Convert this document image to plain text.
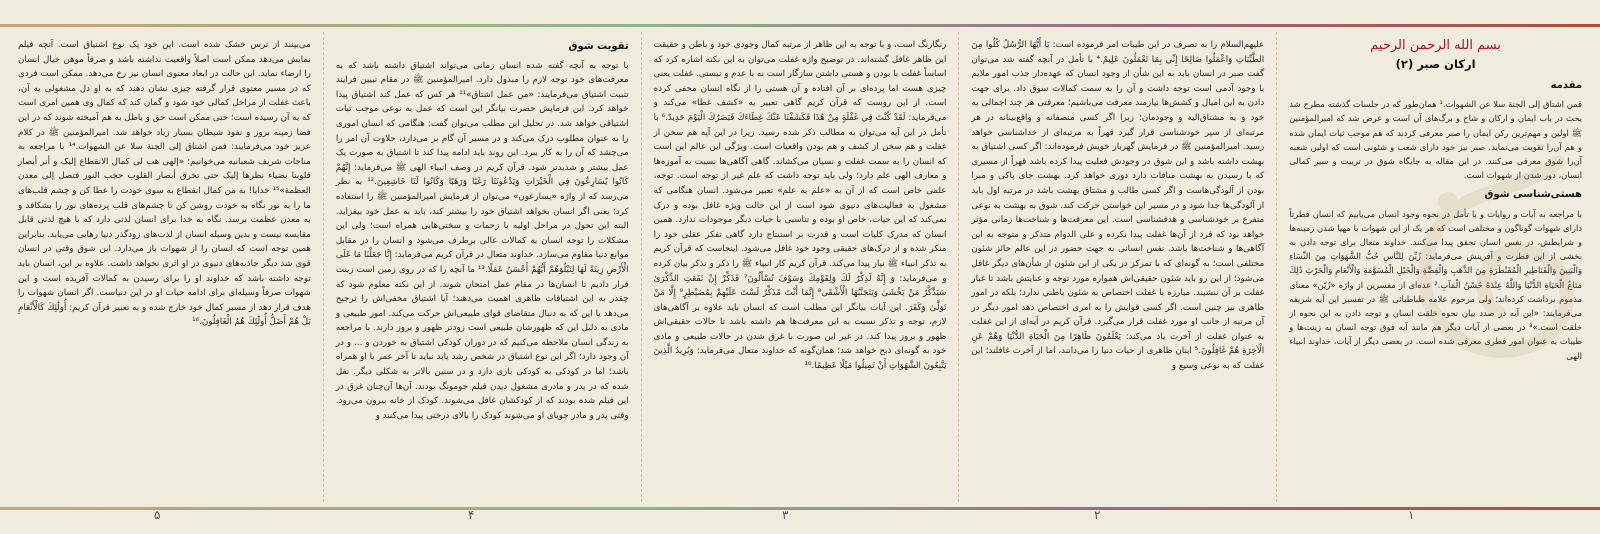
بسم الله الرحمن الرحیم
ارکان صبر (۲)
مقدمه

قمن اشتاق إلی الجنة سلا عن الشهوات.¹ همان‌طور که در جلسات گذشته مطرح شد بحث در باب ایمان و ارکان و شاخ و برگ‌های آن است و عرض شد که امیرالمؤمنین ﷺ اولین و مهم‌ترین رکن ایمان را صبر معرفی کردند که هم موجب ثبات ایمان شده و هم آن‌را تقویت می‌نماید. صبر نیز خود دارای شعب و شئونی است که اولین شعبه آن‌را شوق معرفی می‌کنند. در این مقاله به جایگاه شوق در تربیت و سیر کمالی انسان، دور شدن از شهوات است.

هستی‌شناسی شوق

با مراجعه به آیات و روایات و با تأمل در نحوه وجود انسان می‌یابیم که انسان فطرتاً دارای شهوات گوناگون و مختلفی است که هر یک از این شهوات با مهیا شدن زمینه‌ها و شرایطش، در نفس انسان تحقق پیدا می‌کنند. خداوند متعال برای توجه دادن به بخشی از این فطرت و آفرینش می‌فرماید: زُيِّنَ لِلنَّاسِ حُبُّ الشَّهَوَاتِ مِنَ النِّسَاءِ وَالْبَنِينَ وَالْقَنَاطِيرِ الْمُقَنْطَرَةِ مِنَ الذَّهَبِ وَالْفِضَّةِ وَالْخَيْلِ الْمُسَوَّمَةِ وَالْأَنْعَامِ وَالْحَرْثِ ذَٰلِكَ مَتَاعُ الْحَيَاةِ الدُّنْيَا وَاللَّهُ عِنْدَهُ حُسْنُ الْمَآبِ.² عده‌ای از مفسرین از واژه «زُیّن» معنای مذموم برداشت کرده‌اند؛ ولی مرحوم علامه طباطبائی ﷺ در تفسیر این آیه شریفه می‌فرمایند: «این آیه در صدد بیان نحوه خلقت انسان و توجه دادن به این نحوه از خلقت است.»³ در بعضی از آیات دیگر هم مانند آیه فوق توجه انسان به زینت‌ها و طیبات به عنوان امور فطری معرفی شده است. در بعضی دیگر از آیات، خداوند انبیاء الهی

علیهم‌السلام را به تصرف در این طیبات امر فرموده است: يَا أَيُّهَا الرُّسُلُ كُلُوا مِنَ الطَّيِّبَاتِ وَاعْمَلُوا صَالِحًا إِنِّي بِمَا تَعْمَلُونَ عَلِيمٌ.⁴ با تأمل در آنچه گفته شد می‌توان گفت صبر در انسان باید به این شأن از وجود انسان که عهده‌دار جذب امور ملایم با وجود آدمی است توجه داشت و آن را به سمت کمالات سوق داد. برای جهت دادن به این امیال و کشش‌ها نیازمند معرفت می‌باشیم؛ معرفتی هر چند اجمالی به خود و به مشتاق‌الیه و وجودمان؛ زیرا اگر کسی منصفانه و واقع‌بینانه در هر مرتبه‌ای از سیر خودشناسی قرار گیرد قهراً به مرتبه‌ای از خداشناسی خواهد رسید. امیرالمؤمنین ﷺ در فرمایش گهربار خویش فرموده‌اند: اگر کسی اشتیاق به بهشت داشته باشد و این شوق در وجودش فعلیت پیدا کرده باشد قهراً از مسیری که با رسیدن به بهشت منافات دارد دوری خواهد کرد. بهشت جای پاکی و مبرا بودن از آلودگی‌هاست و اگر کسی طالب و مشتاق بهشت باشد در مرتبه اول باید از آلودگی‌ها جدا شود و در مسیر این خواستن حرکت کند. شوق به بهشت به نوعی متفرع بر خودشناسی و هدفشناسی است. این معرفت‌ها و شناخت‌ها زمانی مؤثر خواهد بود که فرد از آن‌ها غفلت پیدا نکرده و علی الدوام متذکر و متوجه به این آگاهی‌ها و شناخت‌ها باشد. نفس انسانی به جهت حضور در این عالم حائز شئون مختلفی است؛ به گونه‌ای که با تمرکز در یکی از این شئون از شأن‌های دیگر غافل می‌شود؛ از این رو باید شئون حقیقی‌اش همواره مورد توجه و عنایتش باشد تا غبار غفلت بر آن ننشیند. مبارزه با غفلت اختصاص به شئون باطنی ندارد؛ بلکه در امور ظاهری نیز چنین است. اگر کسی قوایش را به امری اختصاص دهد امور دیگر در آن مرتبه از جانب او مورد غفلت قرار می‌گیرد. قرآن کریم در آیه‌ای از این غفلت به عنوان غفلت از آخرت یاد می‌کند: يَعْلَمُونَ ظَاهِرًا مِنَ الْحَيَاةِ الدُّنْيَا وَهُمْ عَنِ الْآخِرَةِ هُمْ غَافِلُونَ.⁵ اینان ظاهری از حیات دنیا را می‌دانند، اما از آخرت غافلند؛ این غفلت که به نوعی وسیع و

رنگارنگ است، و با توجه به این ظاهر از مرتبه کمال وجودی خود و باطن و حقیقت این ظاهر غافل گشته‌اند. در توضیح واژه غفلت می‌توان به این نکته اشاره کرد که اساساً غفلت با بودن و هستی داشتن سازگار است نه با عدم و نیستی. غفلت یعنی چیزی هست اما پرده‌ای بر آن افتاده و آن هستی را از نگاه انسان مخفی کرده است. از این روست که قرآن کریم گاهی تعبیر به «کشف غطا» می‌کند و می‌فرماید: لَقَدْ كُنْتَ فِي غَفْلَةٍ مِنْ هَٰذَا فَكَشَفْنَا عَنْكَ غِطَاءَكَ فَبَصَرُكَ الْيَوْمَ حَدِيدٌ.⁶ با تأمل در این آیه می‌توان به مطالب ذکر شده رسید. زیرا در این آیه هم سخن از غفلت و هم سخن از کشف و هم بودن واقعیات است. ویژگی این عالم این است که انسان را به سمت غفلت و نسیان می‌کشاند. گاهی آگاهی‌ها نسبت به آموزه‌ها و معارف الهی علم دارد؛ ولی باید توجه داشت که علم غیر از توجه است. توجه، علمی خاص است که از آن به «علم به علم» تعبیر می‌شود. انسان هنگامی که مشغول به فعالیت‌های دنیوی شود است از این حالت ویژه غافل بوده و درک نمی‌کند که این حیات، خاص او بوده و تناسبی با حیات دیگر موجودات ندارد. همین انسان که مدرک کلیات است و قدرت بر استنتاج دارد گاهی تفکر عقلی خود را منکر شده و از درک‌های حقیقی وجود خود غافل می‌شود. اینجاست که قرآن کریم به تذکر انبیاء ﷺ نیاز پیدا می‌کند. قرآن کریم کار انبیاء ﷺ را ذکر و تذکر بیان کرده و می‌فرماید: وَ إِنَّهُ لَذِكْرٌ لَكَ وَلِقَوْمِكَ وَسَوْفَ تُسْأَلُونَ⁷ فَذَكِّرْ إِنْ نَفَعَتِ الذِّكْرَىٰ سَيَذَّكَّرُ مَنْ يَخْشَىٰ وَيَتَجَنَّبُهَا الْأَشْقَى⁸ إِنَّمَا أَنْتَ مُذَكِّرٌ لَسْتَ عَلَيْهِمْ بِمُصَيْطِرٍ⁹ إِلَّا مَنْ تَوَلَّىٰ وَكَفَرَ. این آیات بیانگر این مطلب است که انسان باید علاوه بر آگاهی‌های لازم، توجه و تذکر نسبت به این معرفت‌ها هم داشته باشد تا حالات حقیقی‌اش ظهور و بروز پیدا کند. در غیر این صورت با غرق شدن در حالات طبیعی و مادی خود به گونه‌ای ذبح خواهد شد؛ همان‌گونه که خداوند متعال می‌فرماید: وَيُرِيدُ الَّذِينَ يَتَّبِعُونَ الشَّهَوَاتِ أَنْ تَمِيلُوا مَيْلًا عَظِيمًا.¹⁰

تقویت شوق

با توجه به آنچه گفته شده انسان زمانی می‌تواند اشتیاق داشته باشد که به معرفت‌های خود توجه لازم را مبذول دارد. امیرالمؤمنین ﷺ در مقام تبیین فرایند تثبیت اشتیاق می‌فرمایند: «من عمل اشتاق»¹¹ هر کس که عمل کند اشتیاق پیدا خواهد کرد. این فرمایش حضرت بیانگر این است که عمل به نوعی موجب ثبات اشتیاقی خواهد شد. در تحلیل این مطلب می‌توان گفت: هنگامی که انسان اموری را به عنوان مطلوب درک می‌کند و در مسیر آن گام بر می‌دارد، حلاوت آن امر را می‌چشد که آن را به کار ببرد. این روند باید ادامه پیدا کند تا اشتیاق به صورت یک عمل بیشتر و شدیدتر شود. قرآن کریم در وصف انبیاء الهی ﷺ می‌فرماید: إِنَّهُمْ كَانُوا يُسَارِعُونَ فِي الْخَيْرَاتِ وَيَدْعُونَنَا رَغَبًا وَرَهَبًا وَكَانُوا لَنَا خَاشِعِينَ.¹² به نظر می‌رسد که از واژه «یسارعون» می‌توان از فرمایش امیرالمؤمنین ﷺ را استفاده کرد؛ یعنی اگر انسان بخواهد اشتیاق خود را بیشتر کند، باید به عمل خود بیفزاید. البته این تحول در مراحل اولیه با زحمات و سختی‌هایی همراه است؛ ولی این مشکلات را توجه انسان به کمالات عالی برطرف می‌شود و انسان را در مقابل موانع دنیا مقاوم می‌سازد. خداوند متعال در قرآن کریم می‌فرماید: إِنَّا جَعَلْنَا مَا عَلَى الْأَرْضِ زِينَةً لَهَا لِنَبْلُوَهُمْ أَيُّهُمْ أَحْسَنُ عَمَلًا.¹³ ما آنچه را که در روی زمین است زینت قرار دادیم تا انسان‌ها در مقام عمل امتحان شوند. از این نکته معلوم شود که چقدر به این اشتیاقات ظاهری اهمیت می‌دهند؛ آیا اشتیاق مخفی‌اش را ترجیح می‌دهد یا این که به دنبال متقاضای قوای طبیعی‌اش حرکت می‌کند. امور طبیعی و مادی به دلیل این که ظهورشان طبیعی است زودتر ظهور و بروز دارند. با مراجعه به زندگی انسان ملاحظه می‌کنیم که در دوران کودکی اشتیاق به خوردن و ... و در آن وجود دارد؛ اگر این نوع اشتیاق در شخص رشد یابد نباید تا آخر عمر با او همراه باشد؛ اما در کودکی به کودکی بازی دارد و در سنین بالاتر به شکلی دیگر. نقل شده که در پدر و مادری مشغول دیدن فیلم جومونگ بودند. آن‌ها آن‌چنان غرق در این فیلم شده بودند که از کودکشان غافل می‌شوند. کودک از خانه بیرون می‌رود. وقتی پدر و مادر جویای او می‌شوند کودک را بالای درختی پیدا می‌کنند و

می‌بینند از ترس خشک شده است. این خود یک نوع اشتیاق است. آنچه فیلم نمایش می‌دهد ممکن است اصلاً واقعیت نداشته باشد و صرفاً موهن خیال انسان را ارضاء نماید. این حالت در ابعاد معنوی انسان نیز رخ می‌دهد. ممکن است فردی که در مسیر معنوی قرار گرفته چیزی نشان دهند که به او دل مشغولی به آن، باعث غفلت از مراحل کمالی خود شود و گمان کند که کمال وی همین امری است که به آن رسیده است؛ حتی ممکن است حق و باطل به هم آمیخته شوند که در این فضا زمینه بروز و نفوذ شیطان بسیار زیاد خواهد شد. امیرالمؤمنین ﷺ در کلام عزیز خود می‌فرمایند: فمن اشتاق إلی الجنة سلا عن الشهوات.¹⁴ با مراجعه به مناجات شریف شعبانیه می‌خوانیم: «إلهی هب لی کمال الانقطاع إلیک و أنر أبصار قلوبنا بضیاء نظرها إلیک حتی تخرق أبصار القلوب حجب النور فتصل إلی معدن العظمة»¹⁵ خدایا! به من کمال انقطاع به سوی خودت را عطا کن و چشم قلب‌های ما را به نور نگاه به خودت روشن کن تا چشم‌های قلب پرده‌های نور را بشکافد و به معدن عظمت برسد. نگاه به خدا برای انسان لذتی دارد که با هیچ لذتی قابل مقایسه نیست و بدین وسیله انسان از لذت‌های زودگذر دنیا رهایی می‌یابد. بنابراین همین توجه است که انسان را از شهوات باز می‌دارد. این شوق وقتی در انسان قوی شد دیگر جاذبه‌های دنیوی در او اثری نخواهد داشت. علاوه بر این، انسان باید توجه داشته باشد که خداوند او را برای رسیدن به کمالات آفریده است و این شهوات صرفاً وسیله‌ای برای ادامه حیات او در این دنیاست. اگر انسان شهوات را هدف قرار دهد از مسیر کمال خود خارج شده و به تعبیر قرآن کریم: أُولَٰئِكَ كَالْأَنْعَامِ بَلْ هُمْ أَضَلُّ أُولَٰئِكَ هُمُ الْغَافِلُونَ.¹⁶

۱
۲
۳
۴
۵
